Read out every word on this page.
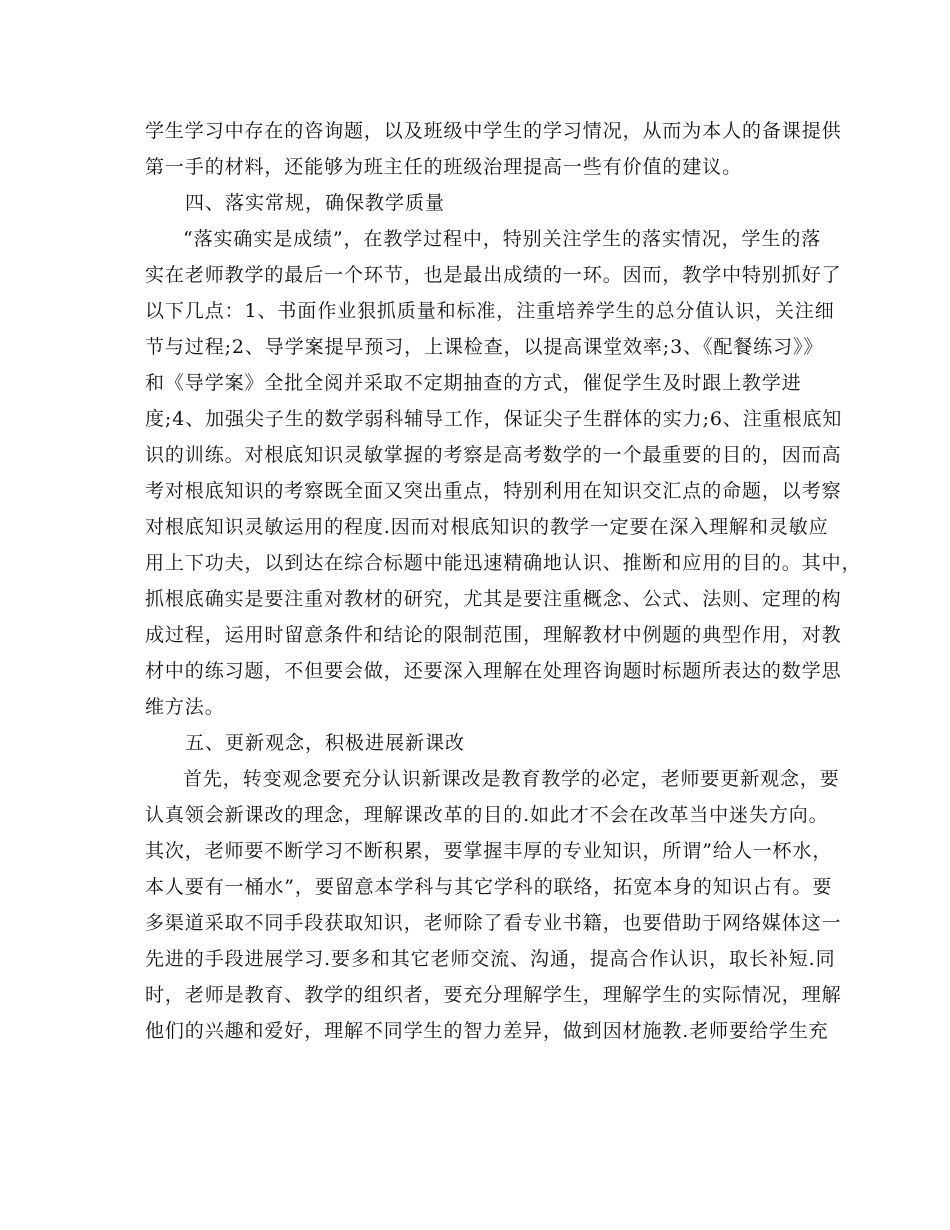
学生学习中存在的咨询题，以及班级中学生的学习情况，从而为本人的备课提供
第一手的材料，还能够为班主任的班级治理提高一些有价值的建议。
四、落实常规，确保教学质量
“落实确实是成绩”，在教学过程中，特别关注学生的落实情况，学生的落
实在老师教学的最后一个环节，也是最出成绩的一环。因而，教学中特别抓好了
以下几点：1、书面作业狠抓质量和标准，注重培养学生的总分值认识，关注细
节与过程;2、导学案提早预习，上课检查，以提高课堂效率;3、《配餐练习》》
和《导学案》全批全阅并采取不定期抽查的方式，催促学生及时跟上教学进
度;4、加强尖子生的数学弱科辅导工作，保证尖子生群体的实力;6、注重根底知
识的训练。对根底知识灵敏掌握的考察是高考数学的一个最重要的目的，因而高
考对根底知识的考察既全面又突出重点，特别利用在知识交汇点的命题，以考察
对根底知识灵敏运用的程度.因而对根底知识的教学一定要在深入理解和灵敏应
用上下功夫，以到达在综合标题中能迅速精确地认识、推断和应用的目的。其中，
抓根底确实是要注重对教材的研究，尤其是要注重概念、公式、法则、定理的构
成过程，运用时留意条件和结论的限制范围，理解教材中例题的典型作用，对教
材中的练习题，不但要会做，还要深入理解在处理咨询题时标题所表达的数学思
维方法。
五、更新观念，积极进展新课改
首先，转变观念要充分认识新课改是教育教学的必定，老师要更新观念，要
认真领会新课改的理念，理解课改革的目的.如此才不会在改革当中迷失方向。
其次，老师要不断学习不断积累，要掌握丰厚的专业知识，所谓”给人一杯水，
本人要有一桶水”，要留意本学科与其它学科的联络，拓宽本身的知识占有。要
多渠道采取不同手段获取知识，老师除了看专业书籍，也要借助于网络媒体这一
先进的手段进展学习.要多和其它老师交流、沟通，提高合作认识，取长补短.同
时，老师是教育、教学的组织者，要充分理解学生，理解学生的实际情况，理解
他们的兴趣和爱好，理解不同学生的智力差异，做到因材施教.老师要给学生充
